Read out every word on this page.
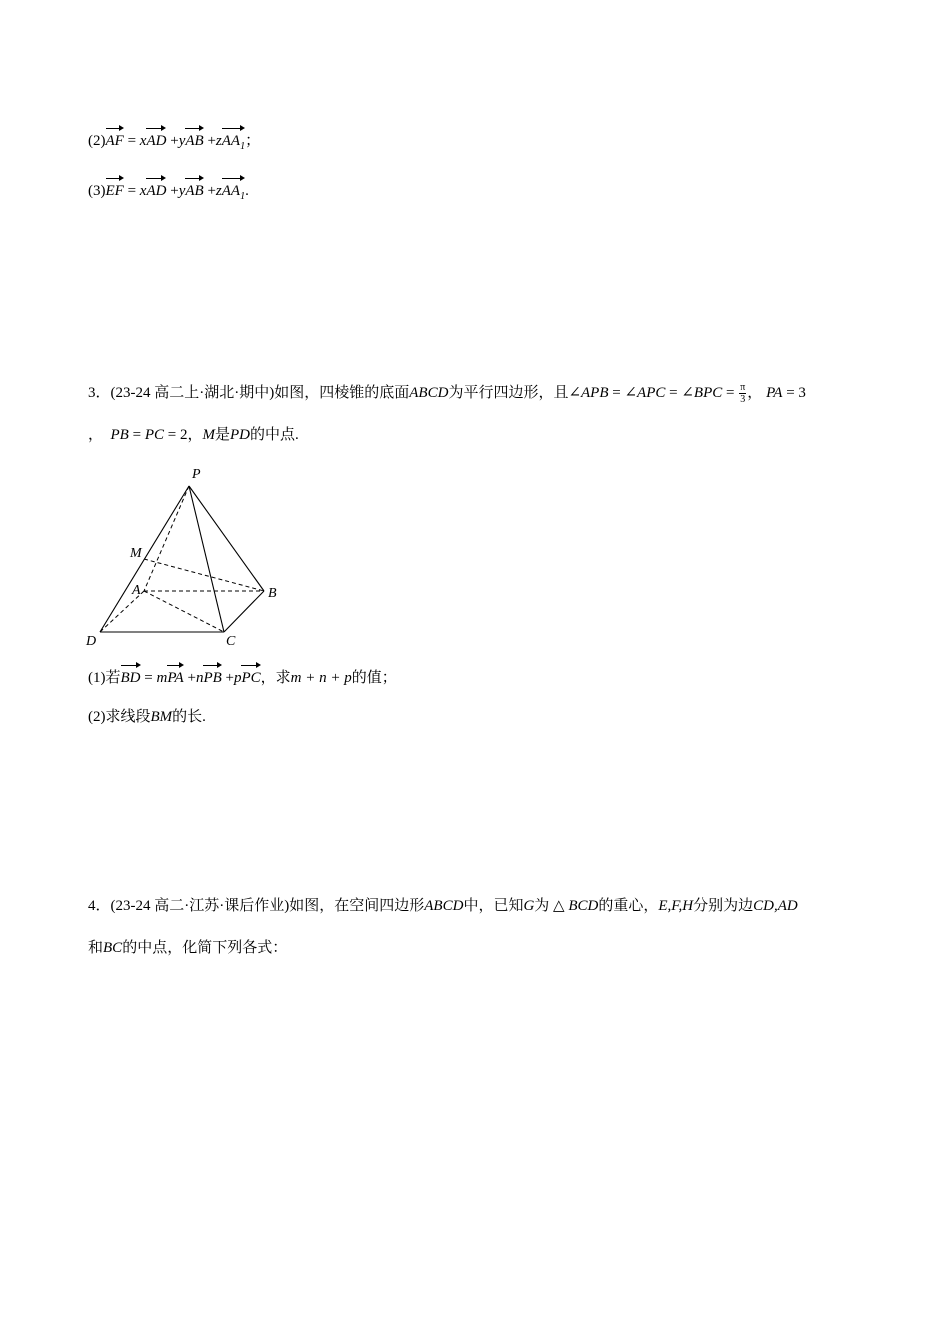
(2)AF = xAD +yAB +zAA$_1$；
(3)EF = xAD +yAB +zAA$_1$.
3．(23-24 高二上·湖北·期中)如图，四棱锥的底面ABCD为平行四边形，且∠APB = ∠APC = ∠BPC = $\frac{\pi}{3}$ ， PA = 3
， PB = PC = 2，M是PD的中点.
P
M
A	B
C
D
(1)若BD = mPA +nPB +pPC，求m + n + p的值；
(2)求线段BM的长.
4．(23-24 高二·江苏·课后作业)如图，在空间四边形ABCD中，已知G为 △ BCD的重心，E,F,H分别为边CD,AD
和BC的中点，化简下列各式：
